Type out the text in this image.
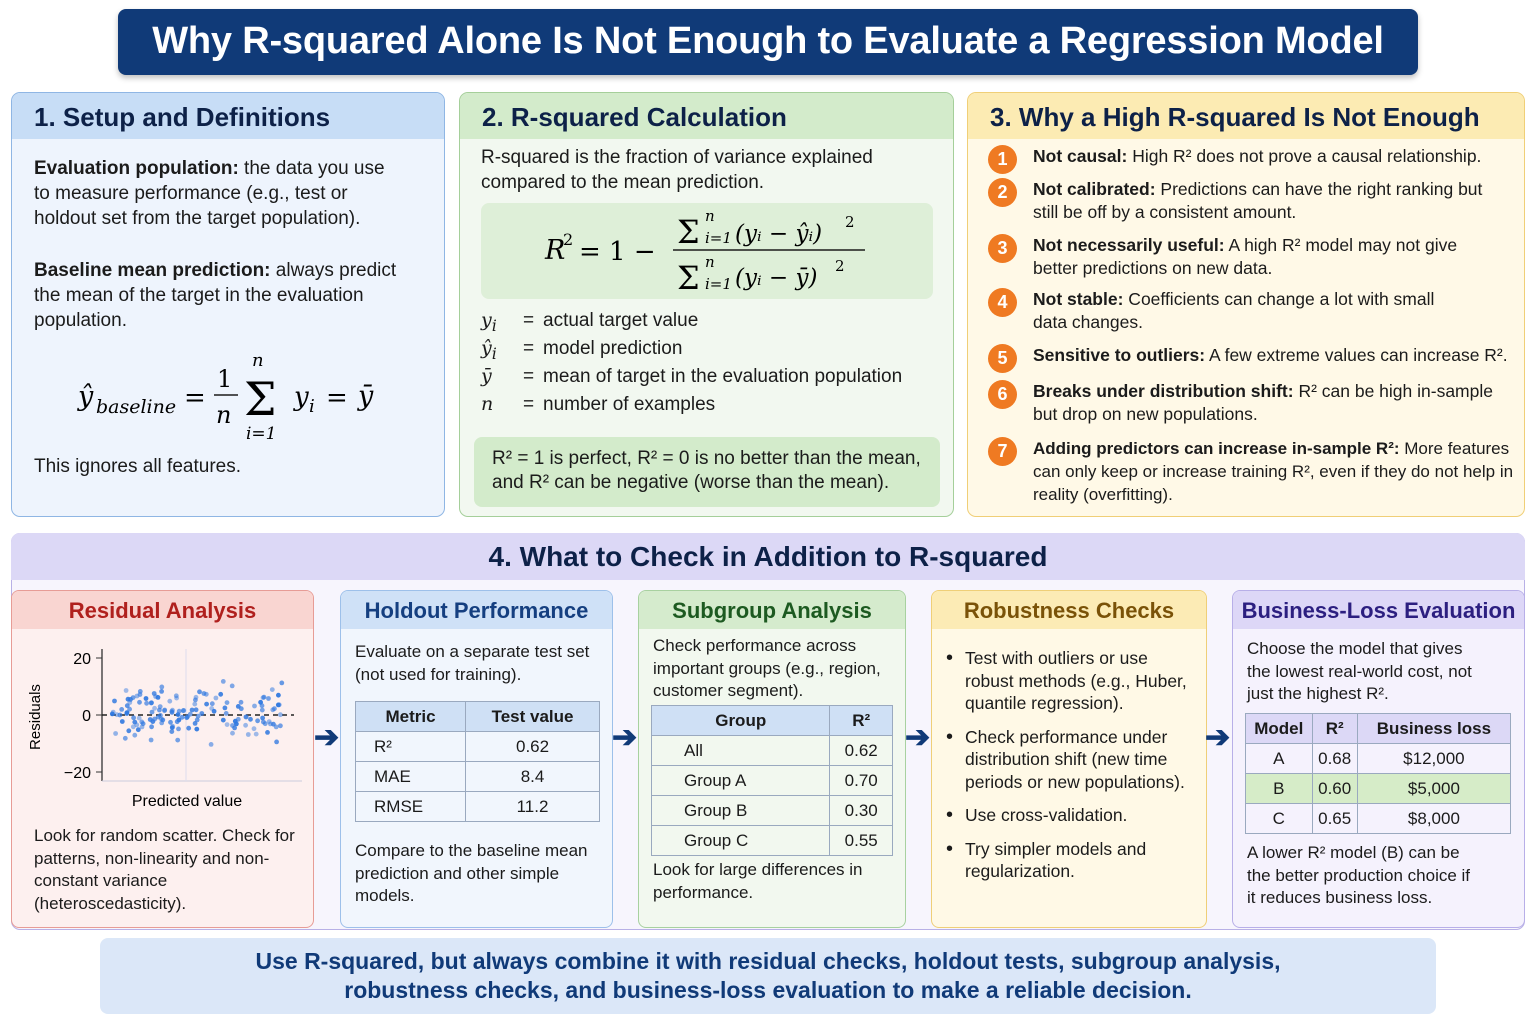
Why R-squared Alone Is Not Enough to Evaluate a Regression Model
1. Setup and Definitions
Evaluation population: the data you use
to measure performance (e.g., test or
holdout set from the target population).
Baseline mean prediction: always predict
the mean of the target in the evaluation
population.
ŷ baseline =
1
n
n
Σ
i=1
y i = ȳ
This ignores all features.
2. R-squared Calculation
R-squared is the fraction of variance explained
compared to the mean prediction.
R
2 = 1 −
Σ n
i=1 (yᵢ − ŷᵢ) 2
Σ n
i=1 (yᵢ − ȳ) 2
$y_i$ = actual target value
$ŷ_i$ = model prediction
ȳ = mean of target in the evaluation population
n = number of examples
R² = 1 is perfect, R² = 0 is no better than the mean,
and R² can be negative (worse than the mean).
3. Why a High R-squared Is Not Enough
1	Not causal: High R² does not prove a causal relationship.
2	Not calibrated: Predictions can have the right ranking but still be off by a consistent amount.
3	Not necessarily useful: A high R² model may not give better predictions on new data.
4	Not stable: Coefficients can change a lot with small data changes.
5	Sensitive to outliers: A few extreme values can increase R².
6	Breaks under distribution shift: R² can be high in-sample but drop on new populations.
7	Adding predictors can increase in-sample R²: More features can only keep or increase training R², even if they do not help in reality (overfitting).
4. What to Check in Addition to R-squared
Residual Analysis
20
0
−20
Residuals
Predicted value
Look for random scatter. Check for patterns, non-linearity and non-constant variance (heteroscedasticity).
➔
Holdout Performance
Evaluate on a separate test set (not used for training).
Metric	Test value
R²	0.62
MAE	8.4
RMSE	11.2
Compare to the baseline mean prediction and other simple models.
➔
Subgroup Analysis
Check performance across important groups (e.g., region, customer segment).
Group	R²
All	0.62
Group A	0.70
Group B	0.30
Group C	0.55
Look for large differences in performance.
➔
Robustness Checks
• Test with outliers or use robust methods (e.g., Huber, quantile regression).
• Check performance under distribution shift (new time periods or new populations).
• Use cross-validation.
• Try simpler models and regularization.
➔
Business-Loss Evaluation
Choose the model that gives the lowest real-world cost, not just the highest R².
Model	R²	Business loss
A	0.68	$12,000
B	0.60	$5,000
C	0.65	$8,000
A lower R² model (B) can be the better production choice if it reduces business loss.
Use R-squared, but always combine it with residual checks, holdout tests, subgroup analysis,
robustness checks, and business-loss evaluation to make a reliable decision.
